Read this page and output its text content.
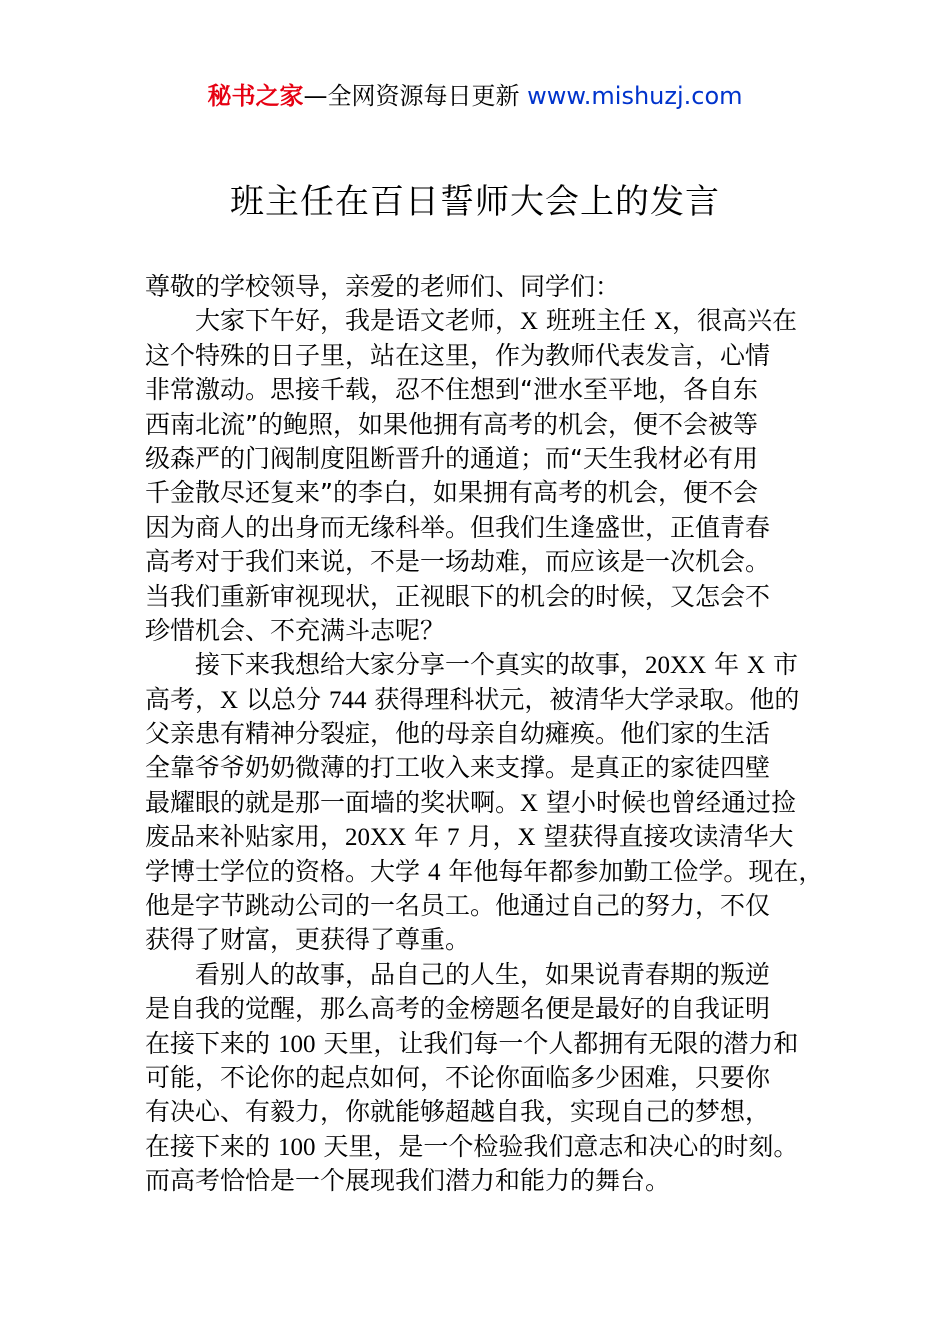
秘书之家—全网资源每日更新 www.mishuzj.com
班主任在百日誓师大会上的发言
尊敬的学校领导，亲爱的老师们、同学们：
大家下午好，我是语文老师，X 班班主任 X，很高兴在
这个特殊的日子里，站在这里，作为教师代表发言，心情
非常激动。思接千载，忍不住想到“泄水至平地，各自东
西南北流”的鲍照，如果他拥有高考的机会，便不会被等
级森严的门阀制度阻断晋升的通道；而“天生我材必有用
千金散尽还复来”的李白，如果拥有高考的机会，便不会
因为商人的出身而无缘科举。但我们生逢盛世，正值青春
高考对于我们来说，不是一场劫难，而应该是一次机会。
当我们重新审视现状，正视眼下的机会的时候，又怎会不
珍惜机会、不充满斗志呢？
接下来我想给大家分享一个真实的故事，20XX 年 X 市
高考，X 以总分 744 获得理科状元，被清华大学录取。他的
父亲患有精神分裂症，他的母亲自幼瘫痪。他们家的生活
全靠爷爷奶奶微薄的打工收入来支撑。是真正的家徒四壁
最耀眼的就是那一面墙的奖状啊。X 望小时候也曾经通过捡
废品来补贴家用，20XX 年 7 月，X 望获得直接攻读清华大
学博士学位的资格。大学 4 年他每年都参加勤工俭学。现在，
他是字节跳动公司的一名员工。他通过自己的努力，不仅
获得了财富，更获得了尊重。
看别人的故事，品自己的人生，如果说青春期的叛逆
是自我的觉醒，那么高考的金榜题名便是最好的自我证明
在接下来的 100 天里，让我们每一个人都拥有无限的潜力和
可能，不论你的起点如何，不论你面临多少困难，只要你
有决心、有毅力，你就能够超越自我，实现自己的梦想，
在接下来的 100 天里，是一个检验我们意志和决心的时刻。
而高考恰恰是一个展现我们潜力和能力的舞台。
